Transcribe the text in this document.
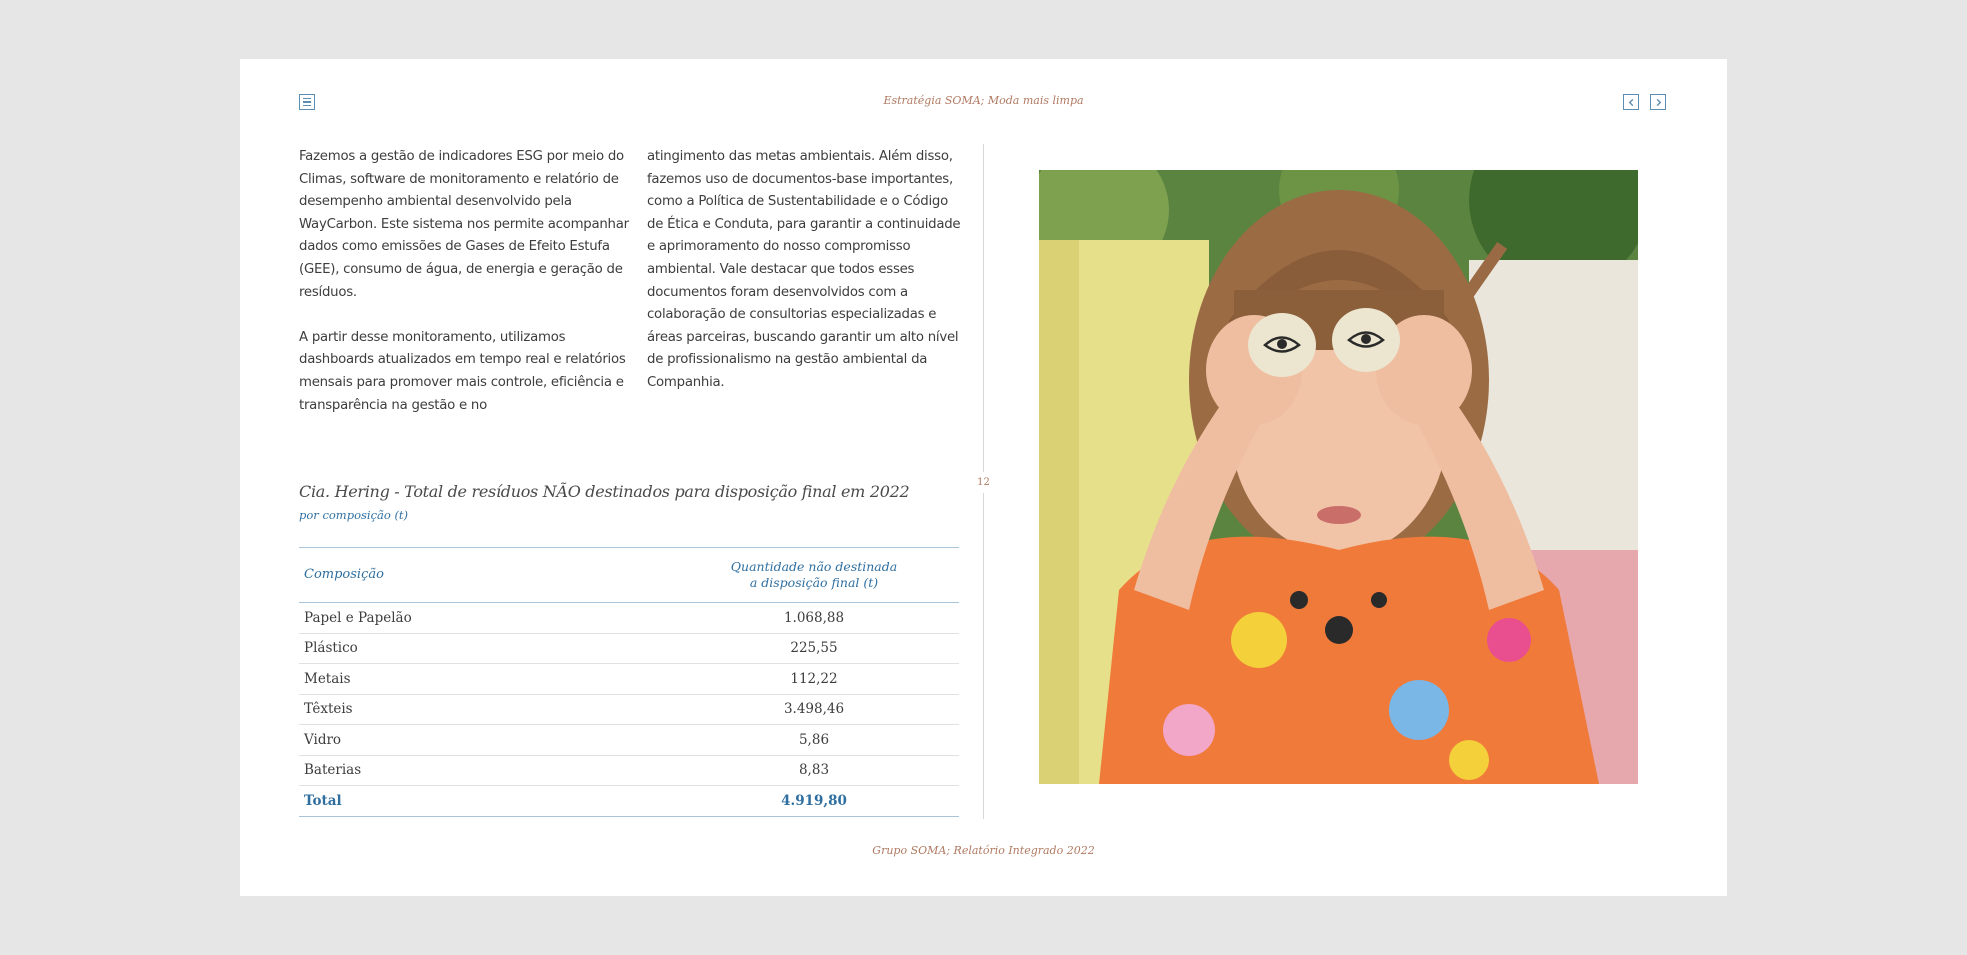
Estratégia SOMA; Moda mais limpa

Fazemos a gestão de indicadores ESG por meio do Climas, software de monitoramento e relatório de desempenho ambiental desenvolvido pela WayCarbon. Este sistema nos permite acompanhar dados como emissões de Gases de Efeito Estufa (GEE), consumo de água, de energia e geração de resíduos.

A partir desse monitoramento, utilizamos dashboards atualizados em tempo real e relatórios mensais para promover mais controle, eficiência e transparência na gestão e no

atingimento das metas ambientais. Além disso, fazemos uso de documentos-base importantes, como a Política de Sustentabilidade e o Código de Ética e Conduta, para garantir a continuidade e aprimoramento do nosso compromisso ambiental. Vale destacar que todos esses documentos foram desenvolvidos com a colaboração de consultorias especializadas e áreas parceiras, buscando garantir um alto nível de profissionalismo na gestão ambiental da Companhia.

12
Cia. Hering - Total de resíduos NÃO destinados para disposição final em 2022
por composição (t)
Composição	Quantidade não destinada
a disposição final (t)
Papel e Papelão	1.068,88
Plástico	225,55
Metais	112,22
Têxteis	3.498,46
Vidro	5,86
Baterias	8,83
Total	4.919,80
Grupo SOMA; Relatório Integrado 2022
